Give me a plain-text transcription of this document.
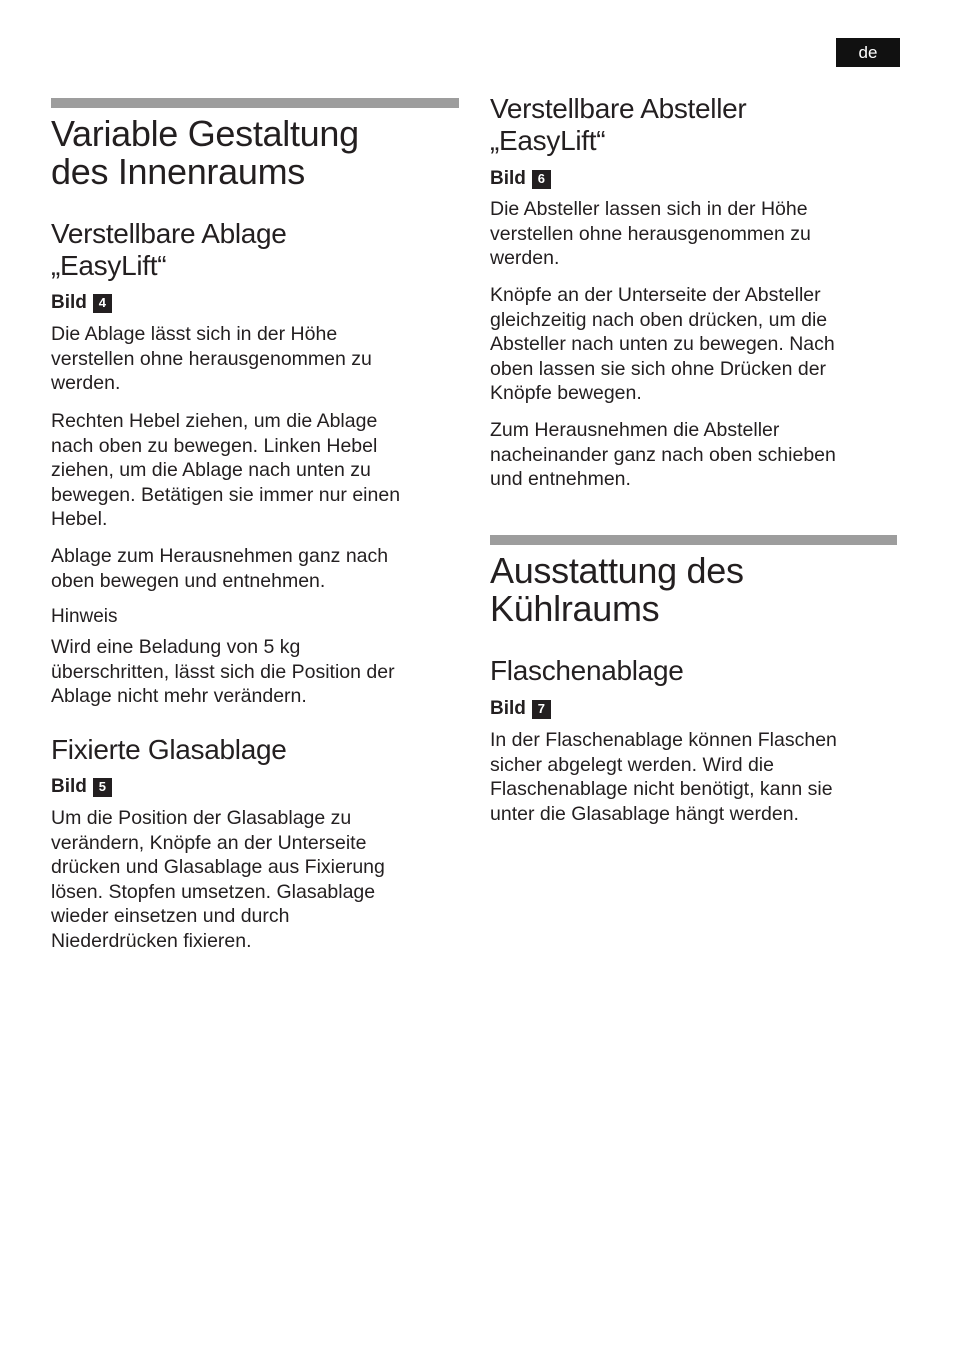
de
Variable Gestaltung
des Innenraums
Verstellbare Ablage
„EasyLift“
Bild 4

Die Ablage lässt sich in der Höhe
verstellen ohne herausgenommen zu
werden.

Rechten Hebel ziehen, um die Ablage
nach oben zu bewegen. Linken Hebel
ziehen, um die Ablage nach unten zu
bewegen. Betätigen sie immer nur einen
Hebel.

Ablage zum Herausnehmen ganz nach
oben bewegen und entnehmen.

Hinweis

Wird eine Beladung von 5 kg
überschritten, lässt sich die Position der
Ablage nicht mehr verändern.

Fixierte Glasablage
Bild 5

Um die Position der Glasablage zu
verändern, Knöpfe an der Unterseite
drücken und Glasablage aus Fixierung
lösen. Stopfen umsetzen. Glasablage
wieder einsetzen und durch
Niederdrücken fixieren.

Verstellbare Absteller
„EasyLift“
Bild 6

Die Absteller lassen sich in der Höhe
verstellen ohne herausgenommen zu
werden.

Knöpfe an der Unterseite der Absteller
gleichzeitig nach oben drücken, um die
Absteller nach unten zu bewegen. Nach
oben lassen sie sich ohne Drücken der
Knöpfe bewegen.

Zum Herausnehmen die Absteller
nacheinander ganz nach oben schieben
und entnehmen.

Ausstattung des
Kühlraums
Flaschenablage
Bild 7

In der Flaschenablage können Flaschen
sicher abgelegt werden. Wird die
Flaschenablage nicht benötigt, kann sie
unter die Glasablage hängt werden.
